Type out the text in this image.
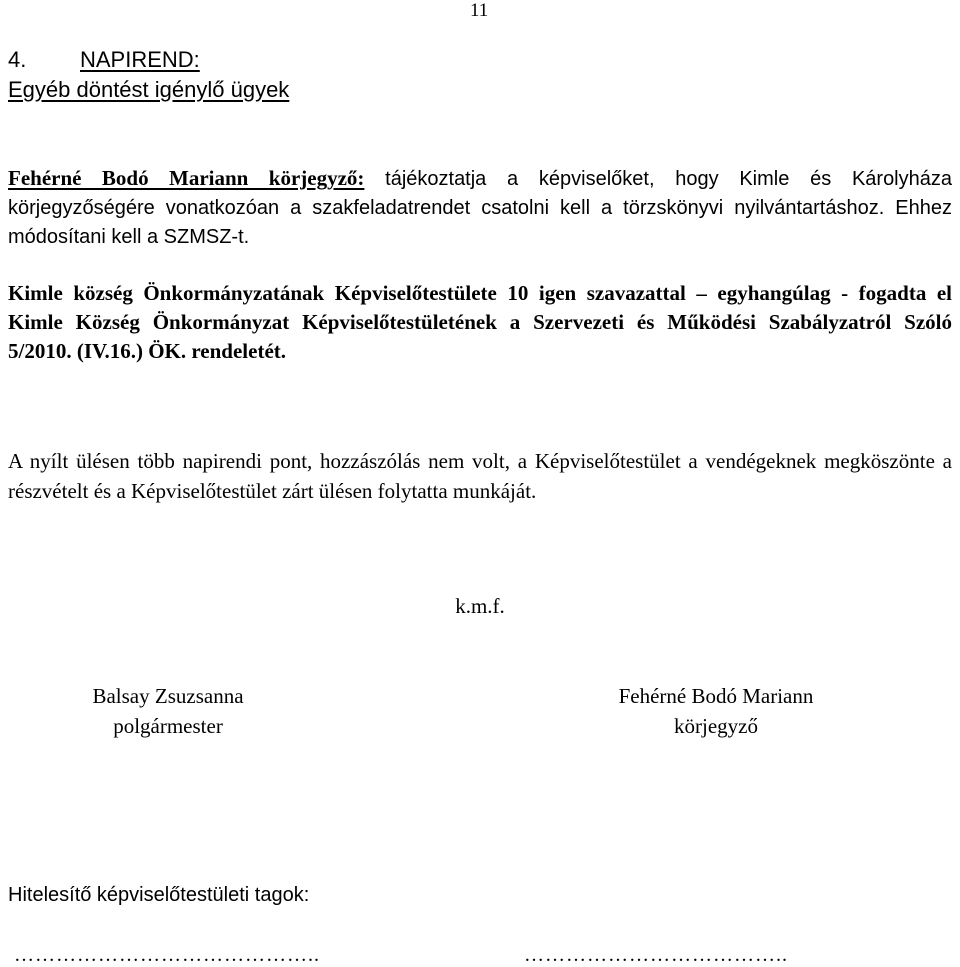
11
4. NAPIREND:
Egyéb döntést igénylő ügyek
Fehérné Bodó Mariann körjegyző: tájékoztatja a képviselőket, hogy Kimle és Károlyháza körjegyzőségére vonatkozóan a szakfeladatrendet csatolni kell a törzskönyvi nyilvántartáshoz. Ehhez módosítani kell a SZMSZ-t.
Kimle község Önkormányzatának Képviselőtestülete 10 igen szavazattal – egyhangúlag - fogadta el Kimle Község Önkormányzat Képviselőtestületének a Szervezeti és Működési Szabályzatról Szóló 5/2010. (IV.16.) ÖK. rendeletét.
A nyílt ülésen több napirendi pont, hozzászólás nem volt, a Képviselőtestület a vendégeknek megköszönte a részvételt és a Képviselőtestület zárt ülésen folytatta munkáját.
k.m.f.
Balsay Zsuzsanna
polgármester
Fehérné Bodó Mariann
körjegyző
Hitelesítő képviselőtestületi tagok:
……………………………………..	………………………………..
